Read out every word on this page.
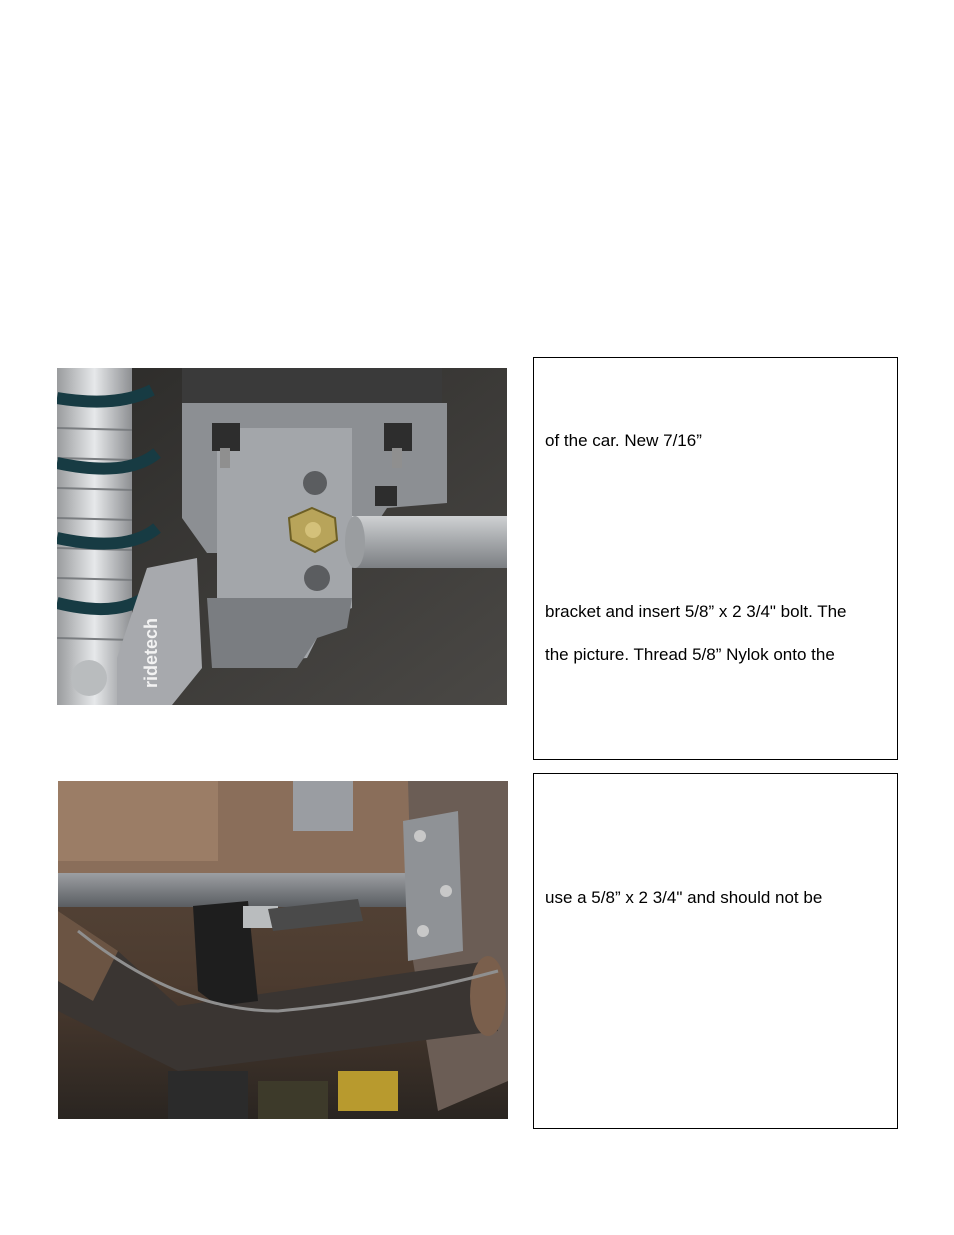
ridetech

of the car. New 7/16”

bracket and insert 5/8” x 2 3/4" bolt. The

the picture. Thread 5/8” Nylok onto the

use a 5/8” x 2 3/4" and should not be
